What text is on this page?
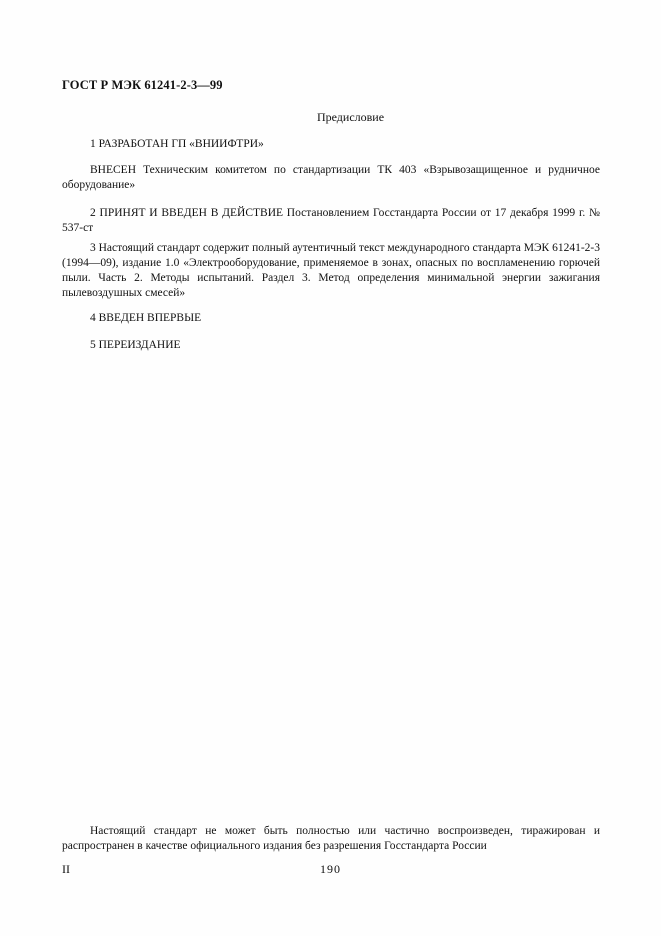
ГОСТ Р МЭК 61241-2-3—99
Предисловие

1 РАЗРАБОТАН ГП «ВНИИФТРИ»

ВНЕСЕН Техническим комитетом по стандартизации ТК 403 «Взрывозащищенное и рудничное оборудование»

2 ПРИНЯТ И ВВЕДЕН В ДЕЙСТВИЕ Постановлением Госстандарта России от 17 декабря 1999 г. № 537-ст

3 Настоящий стандарт содержит полный аутентичный текст международного стандарта МЭК 61241-2-3 (1994—09), издание 1.0 «Электрооборудование, применяемое в зонах, опасных по воспламенению горючей пыли. Часть 2. Методы испытаний. Раздел 3. Метод определения минимальной энергии зажигания пылевоздушных смесей»

4 ВВЕДЕН ВПЕРВЫЕ

5 ПЕРЕИЗДАНИЕ

Настоящий стандарт не может быть полностью или частично воспроизведен, тиражирован и распространен в качестве официального издания без разрешения Госстандарта России

II	190
